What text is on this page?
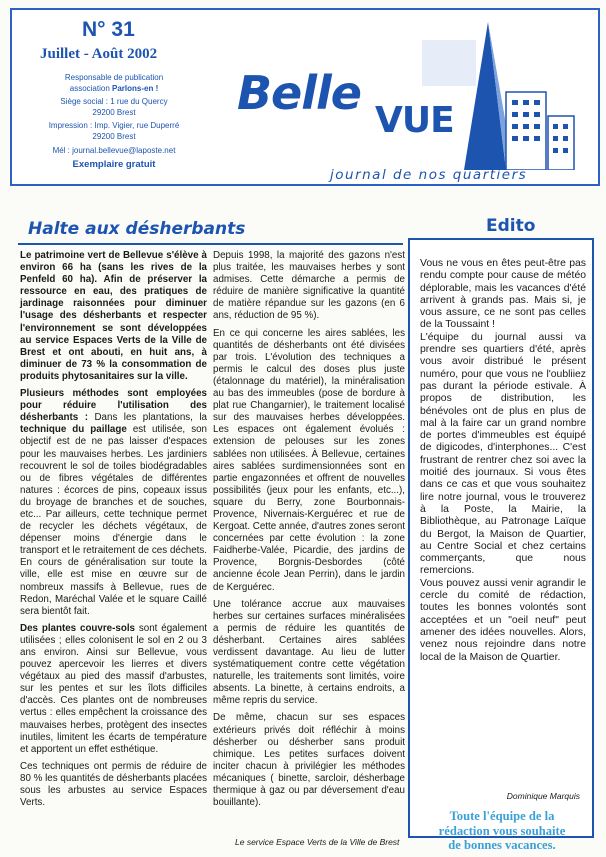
N° 31
Juillet - Août 2002
Responsable de publication
association Parlons-en !
Siège social : 1 rue du Quercy
29200 Brest
Impression : Imp. Vigier, rue Duperré
29200 Brest
Mél : journal.bellevue@laposte.net
Exemplaire gratuit
Belle
VUE
journal de nos quartiers
Halte aux désherbants	Edito

Le patrimoine vert de Bellevue s'élève à environ 66 ha (sans les rives de la Penfeld 60 ha). Afin de préserver la ressource en eau, des pratiques de jardinage raisonnées pour diminuer l'usage des désherbants et respecter l'environnement se sont développées au service Espaces Verts de la Ville de Brest et ont abouti, en huit ans, à diminuer de 73 % la consommation de produits phytosanitaires sur la ville.

Plusieurs méthodes sont employées pour réduire l'utilisation des désherbants : Dans les plantations, la technique du paillage est utilisée, son objectif est de ne pas laisser d'espaces pour les mauvaises herbes. Les jardiniers recouvrent le sol de toiles biodégradables ou de fibres végétales de différentes natures : écorces de pins, copeaux issus du broyage de branches et de souches, etc... Par ailleurs, cette technique permet de recycler les déchets végétaux, de dépenser moins d'énergie dans le transport et le retraitement de ces déchets. En cours de généralisation sur toute la ville, elle est mise en œuvre sur de nombreux massifs à Bellevue, rues de Redon, Maréchal Valée et le square Caillé sera bientôt fait.

Des plantes couvre-sols sont également utilisées ; elles colonisent le sol en 2 ou 3 ans environ. Ainsi sur Bellevue, vous pouvez apercevoir les lierres et divers végétaux au pied des massif d'arbustes, sur les pentes et sur les îlots difficiles d'accès. Ces plantes ont de nombreuses vertus : elles empêchent la croissance des mauvaises herbes, protègent des insectes inutiles, limitent les écarts de température et apportent un effet esthétique.

Ces techniques ont permis de réduire de 80 % les quantités de désherbants placées sous les arbustes au service Espaces Verts.

Depuis 1998, la majorité des gazons n'est plus traitée, les mauvaises herbes y sont admises. Cette démarche a permis de réduire de manière significative la quantité de matière répandue sur les gazons (en 6 ans, réduction de 95 %).

En ce qui concerne les aires sablées, les quantités de désherbants ont été divisées par trois. L'évolution des techniques a permis le calcul des doses plus juste (étalonnage du matériel), la minéralisation au bas des immeubles (pose de bordure à plat rue Changarnier), le traitement localisé sur des mauvaises herbes développées. Les espaces ont également évolués : extension de pelouses sur les zones sablées non utilisées. À Bellevue, certaines aires sablées surdimensionnées sont en partie engazonnées et offrent de nouvelles possibilités (jeux pour les enfants, etc...), square du Berry, zone Bourbonnais-Provence, Nivernais-Kerguérec et rue de Kergoat. Cette année, d'autres zones seront concernées par cette évolution : la zone Faidherbe-Valée, Picardie, des jardins de Provence, Borgnis-Desbordes (côté ancienne école Jean Perrin), dans le jardin de Kerguérec.

Une tolérance accrue aux mauvaises herbes sur certaines surfaces minéralisées a permis de réduire les quantités de désherbant. Certaines aires sablées verdissent davantage. Au lieu de lutter systématiquement contre cette végétation naturelle, les traitements sont limités, voire absents. La binette, à certains endroits, a même repris du service.

De même, chacun sur ses espaces extérieurs privés doit réfléchir à moins désherber ou désherber sans produit chimique. Les petites surfaces doivent inciter chacun à privilégier les méthodes mécaniques ( binette, sarcloir, désherbage thermique à gaz ou par déversement d'eau bouillante).

Le service Espace Verts de la Ville de Brest
Vous ne vous en êtes peut-être pas rendu compte pour cause de météo déplorable, mais les vacances d'été arrivent à grands pas. Mais si, je vous assure, ce ne sont pas celles de la Toussaint !
L'équipe du journal aussi va prendre ses quartiers d'été, après vous avoir distribué le présent numéro, pour que vous ne l'oubliiez pas durant la période estivale. À propos de distribution, les bénévoles ont de plus en plus de mal à la faire car un grand nombre de portes d'immeubles est équipé de digicodes, d'interphones... C'est frustrant de rentrer chez soi avec la moitié des journaux. Si vous êtes dans ce cas et que vous souhaitez lire notre journal, vous le trouverez à la Poste, la Mairie, la Bibliothèque, au Patronage Laïque du Bergot, la Maison de Quartier, au Centre Social et chez certains commerçants, que nous remercions.
Vous pouvez aussi venir agrandir le cercle du comité de rédaction, toutes les bonnes volontés sont acceptées et un "oeil neuf" peut amener des idées nouvelles. Alors, venez nous rejoindre dans notre local de la Maison de Quartier.
Dominique Marquis
Toute l'équipe de la
rédaction vous souhaite
de bonnes vacances.
